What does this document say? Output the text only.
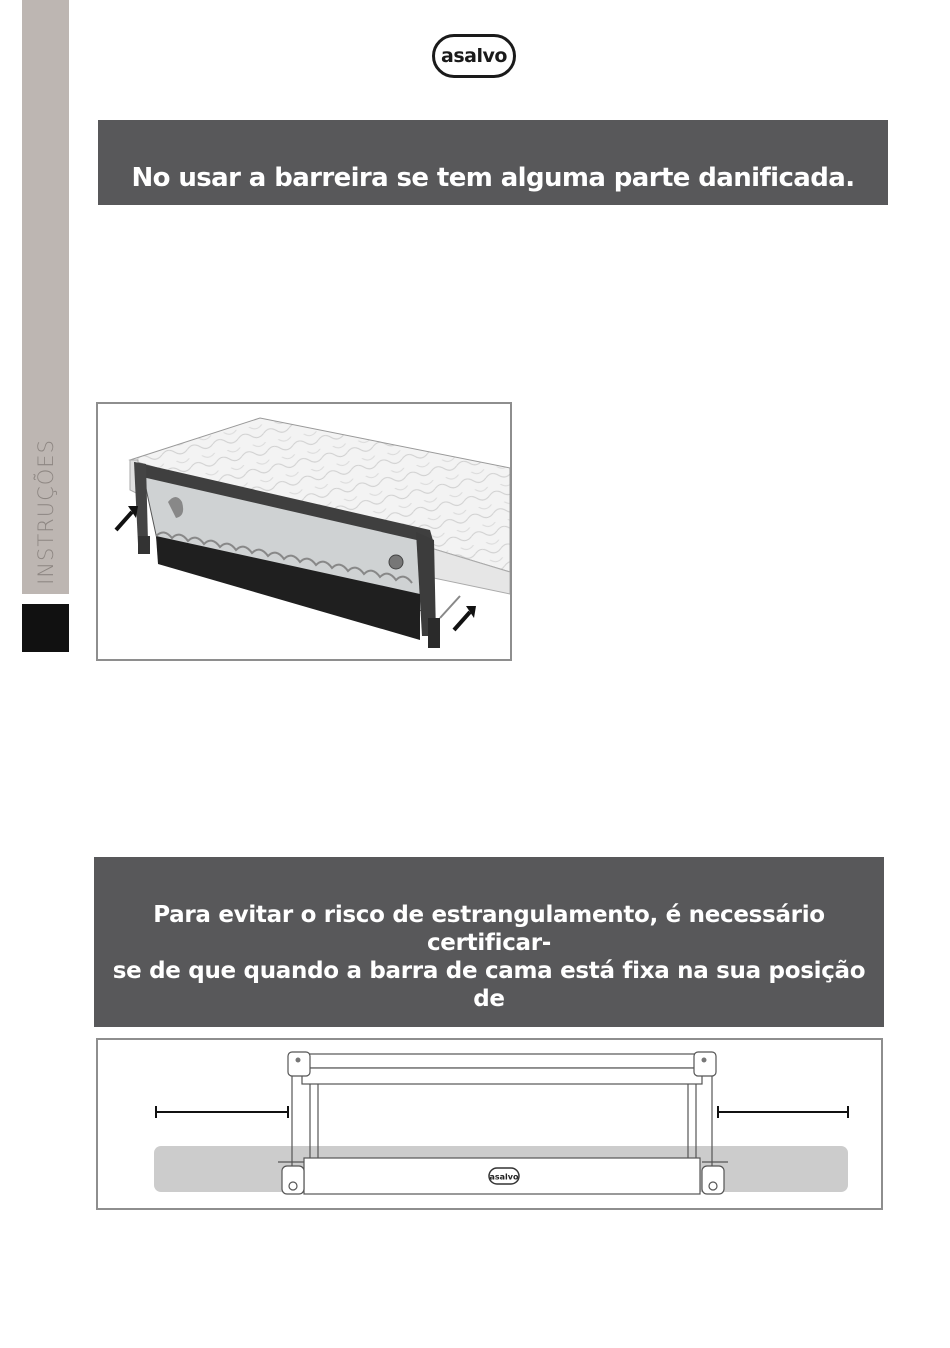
INSTRUÇÕES
asalvo
No usar a barreira se tem alguma parte danificada.
Para evitar o risco de estrangulamento, é necessário certificar-
se de que quando a barra de cama está fixa na sua posição de
asalvo
